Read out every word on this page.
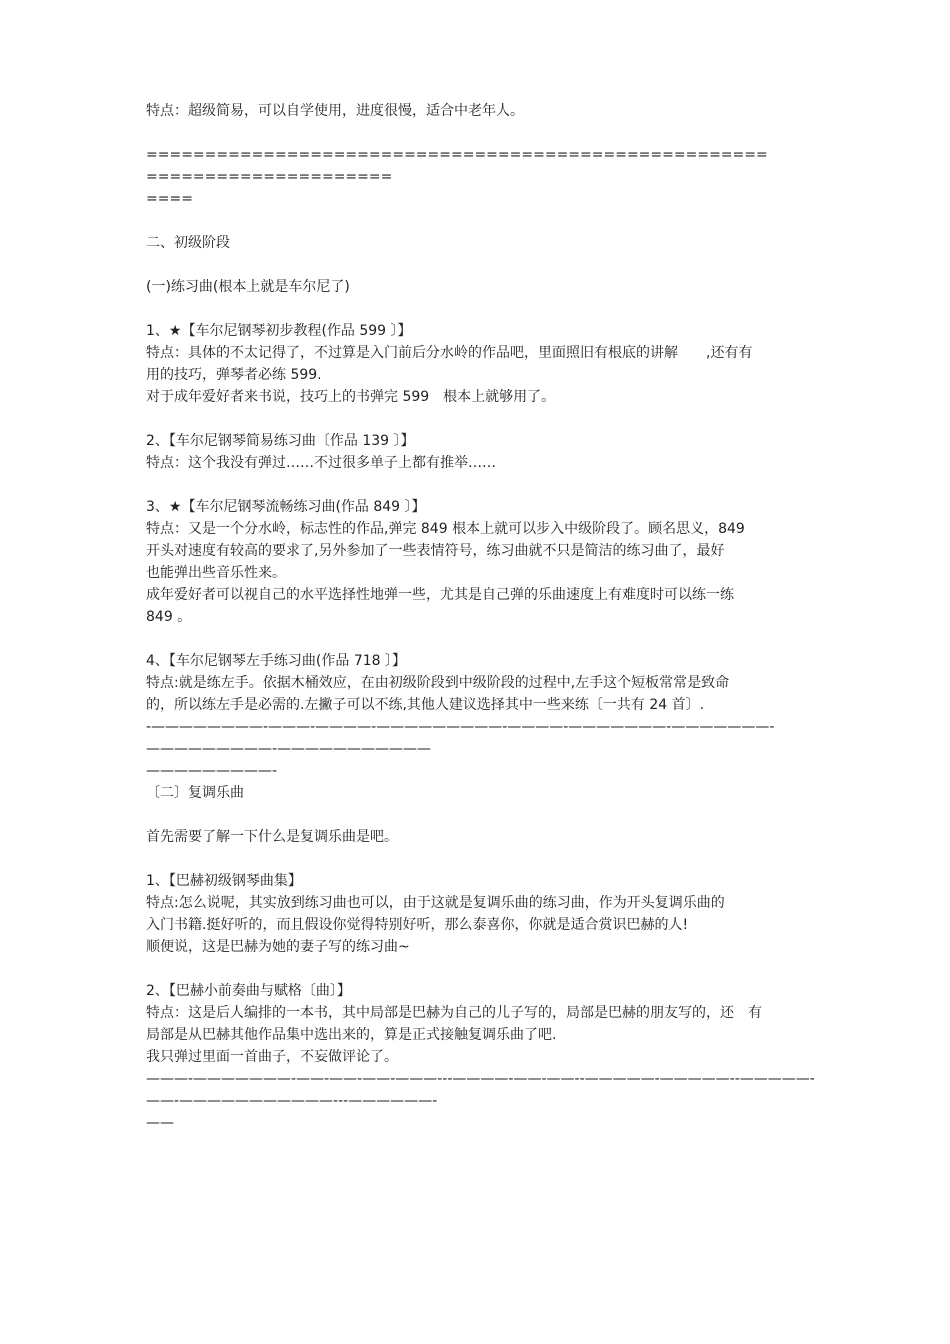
特点：超级简易，可以自学使用，进度很慢，适合中老年人。
=====================================================
=====================
====
二、初级阶段
(一)练习曲(根本上就是车尔尼了)
1、★【车尔尼钢琴初步教程(作品 599 〕】
特点：具体的不太记得了，不过算是入门前后分水岭的作品吧，里面照旧有根底的讲解　　,还有有
用的技巧，弹琴者必练 599.
对于成年爱好者来书说，技巧上的书弹完 599　根本上就够用了。
2、【车尔尼钢琴简易练习曲〔作品 139 〕】
特点：这个我没有弹过……不过很多单子上都有推举……
3、★【车尔尼钢琴流畅练习曲(作品 849 〕】
特点：又是一个分水岭，标志性的作品,弹完 849 根本上就可以步入中级阶段了。顾名思义，849
开头对速度有较高的要求了,另外参加了一些表情符号，练习曲就不只是简洁的练习曲了，最好
也能弹出些音乐性来。
成年爱好者可以视自己的水平选择性地弹一些，尤其是自己弹的乐曲速度上有难度时可以练一练
849 。
4、【车尔尼钢琴左手练习曲(作品 718 〕】
特点:就是练左手。依据木桶效应，在由初级阶段到中级阶段的过程中,左手这个短板常常是致命
的，所以练左手是必需的.左撇子可以不练,其他人建议选择其中一些来练〔一共有 24 首〕.
-————————-———-————-—————————-————-———————-———————-—————————-———————————
—————————-
〔二〕复调乐曲
首先需要了解一下什么是复调乐曲是吧。
1、【巴赫初级钢琴曲集】
特点:怎么说呢，其实放到练习曲也可以，由于这就是复调乐曲的练习曲，作为开头复调乐曲的
入门书籍.挺好听的，而且假设你觉得特别好听，那么泰喜你，你就是适合赏识巴赫的人!
顺便说，这是巴赫为她的妻子写的练习曲~
2、【巴赫小前奏曲与赋格〔曲〕】
特点：这是后人编排的一本书，其中局部是巴赫为自己的儿子写的，局部是巴赫的朋友写的，还　有
局部是从巴赫其他作品集中选出来的，算是正式接触复调乐曲了吧.
我只弹过里面一首曲子，不妄做评论了。
———-———————-——-——-——-———---————-——-——--—————-—————--—————-——-———————————---——————-
——
